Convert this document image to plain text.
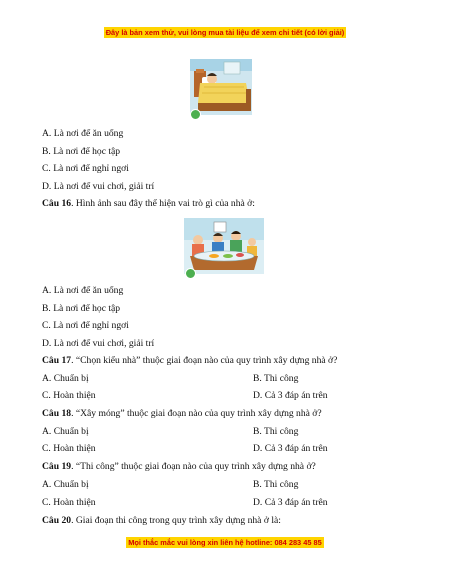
Đây là bản xem thử, vui lòng mua tài liệu để xem chi tiết (có lời giải)
A. Là nơi để ăn uống
B. Là nơi để học tập
C. Là nơi để nghỉ ngơi
D. Là nơi để vui chơi, giải trí
Câu 16. Hình ảnh sau đây thể hiện vai trò gì của nhà ở:
A. Là nơi để ăn uống
B. Là nơi để học tập
C. Là nơi để nghỉ ngơi
D. Là nơi để vui chơi, giải trí
Câu 17. “Chọn kiểu nhà” thuộc giai đoạn nào của quy trình xây dựng nhà ở?
A. Chuẩn bị	B. Thi công
C. Hoàn thiện	D. Cả 3 đáp án trên
Câu 18. “Xây móng” thuộc giai đoạn nào của quy trình xây dựng nhà ở?
A. Chuẩn bị	B. Thi công
C. Hoàn thiện	D. Cả 3 đáp án trên
Câu 19. “Thi công” thuộc giai đoạn nào của quy trình xây dựng nhà ở?
A. Chuẩn bị	B. Thi công
C. Hoàn thiện	D. Cả 3 đáp án trên
Câu 20. Giai đoạn thi công trong quy trình xây dựng nhà ở là:
Mọi thắc mắc vui lòng xin liên hệ hotline: 084 283 45 85
